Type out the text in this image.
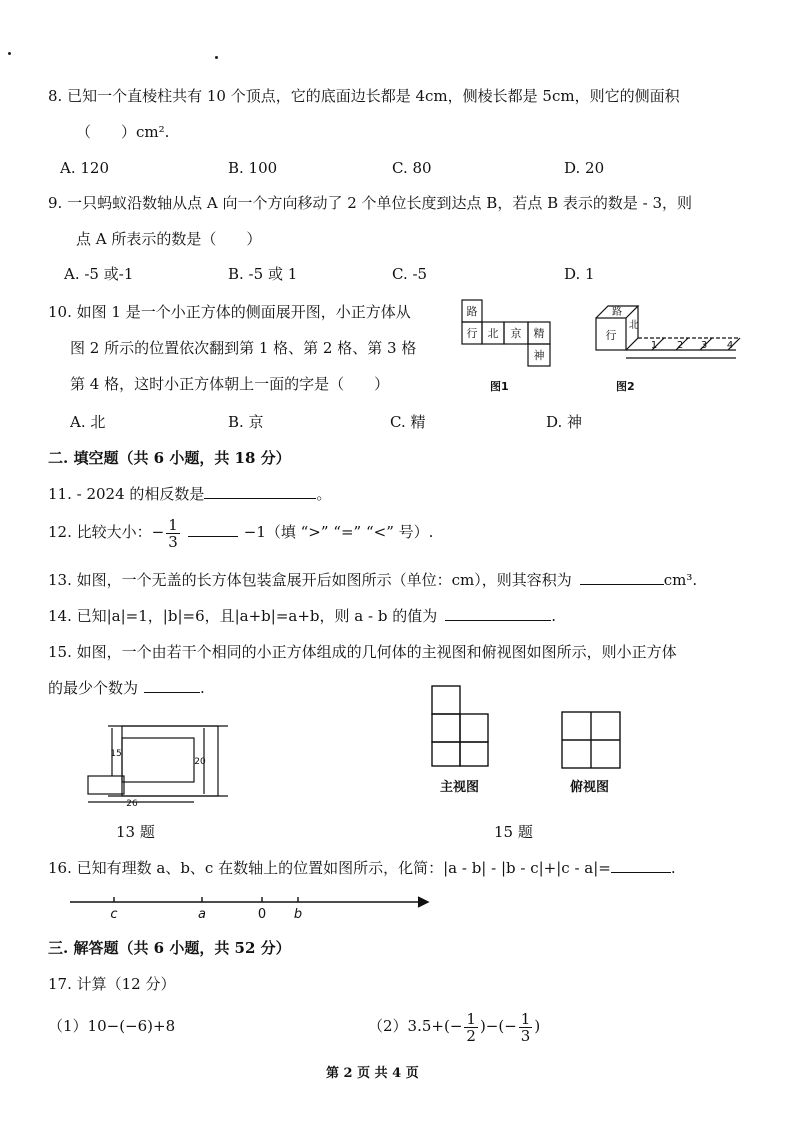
8. 已知一个直棱柱共有 10 个顶点，它的底面边长都是 4cm，侧棱长都是 5cm，则它的侧面积
（　　）cm².
A. 120	B. 100	C. 80	D. 20
9. 一只蚂蚁沿数轴从点 A 向一个方向移动了 2 个单位长度到达点 B，若点 B 表示的数是 - 3，则
点 A 所表示的数是（　　）
A. -5 或-1	B. -5 或 1	C. -5	D. 1
10. 如图 1 是一个小正方体的侧面展开图，小正方体从
图 2 所示的位置依次翻到第 1 格、第 2 格、第 3 格
第 4 格，这时小正方体朝上一面的字是（　　）
A. 北	B. 京	C. 精	D. 神
路
行 北 京 精
神
图1
路
行
北
1 2 3 4
图2
二. 填空题（共 6 小题，共 18 分）
11. - 2024 的相反数是	。
12. 比较大小：− $\frac{1}{3}$	−1（填 “>” “=” “<” 号）.
13. 如图，一个无盖的长方体包装盒展开后如图所示（单位：cm），则其容积为	cm³.
14. 已知|a|=1，|b|=6，且|a+b|=a+b，则 a - b 的值为	.
15. 如图，一个由若干个相同的小正方体组成的几何体的主视图和俯视图如图所示，则小正方体
的最少个数为	.
15
20
26
13 题
主视图	俯视图
15 题
16. 已知有理数 a、b、c 在数轴上的位置如图所示，化简：|a - b| - |b - c|+|c - a|=	.
c	a	0 b
三. 解答题（共 6 小题，共 52 分）
17. 计算（12 分）
（1）10−(−6)+8	$(2)3.5+(- \frac{1}{2}$ )−(− $\frac{1}{3}$ )
第 2 页 共 4 页
